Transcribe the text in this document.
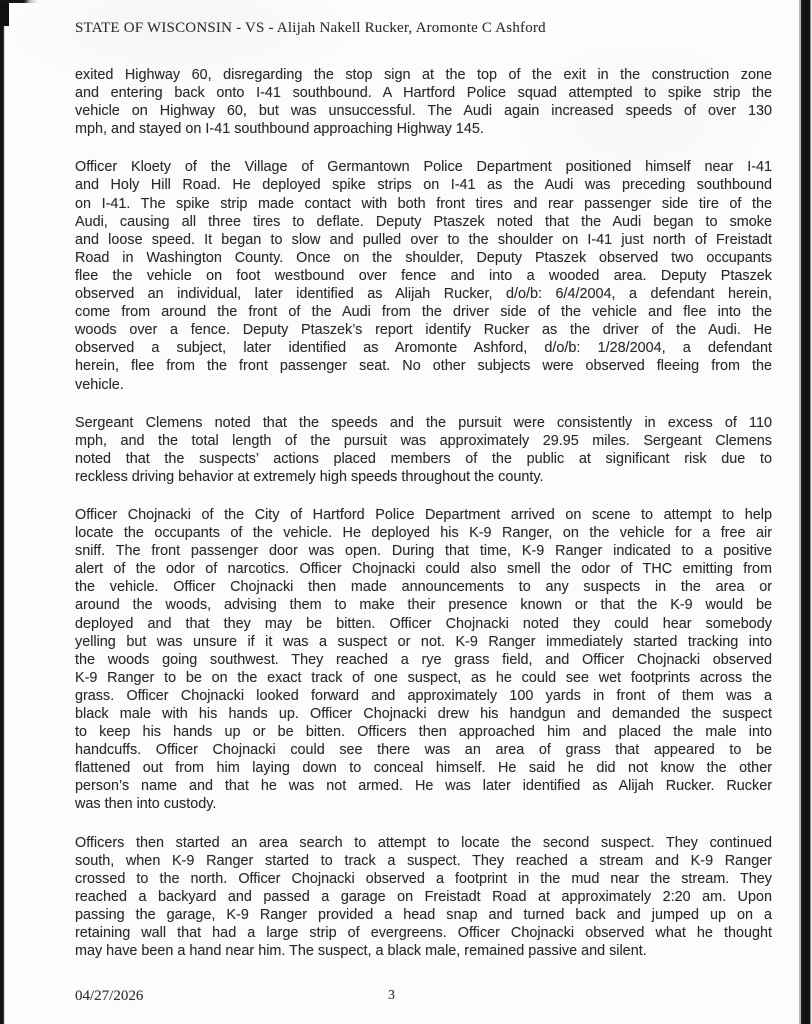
STATE OF WISCONSIN - VS - Alijah Nakell Rucker, Aromonte C Ashford
exited Highway 60, disregarding the stop sign at the top of the exit in the construction zone
and entering back onto I-41 southbound. A Hartford Police squad attempted to spike strip the
vehicle on Highway 60, but was unsuccessful. The Audi again increased speeds of over 130
mph, and stayed on I-41 southbound approaching Highway 145.
Officer Kloety of the Village of Germantown Police Department positioned himself near I-41
and Holy Hill Road. He deployed spike strips on I-41 as the Audi was preceding southbound
on I-41. The spike strip made contact with both front tires and rear passenger side tire of the
Audi, causing all three tires to deflate. Deputy Ptaszek noted that the Audi began to smoke
and loose speed. It began to slow and pulled over to the shoulder on I-41 just north of Freistadt
Road in Washington County. Once on the shoulder, Deputy Ptaszek observed two occupants
flee the vehicle on foot westbound over fence and into a wooded area. Deputy Ptaszek
observed an individual, later identified as Alijah Rucker, d/o/b: 6/4/2004, a defendant herein,
come from around the front of the Audi from the driver side of the vehicle and flee into the
woods over a fence. Deputy Ptaszek’s report identify Rucker as the driver of the Audi. He
observed a subject, later identified as Aromonte Ashford, d/o/b: 1/28/2004, a defendant
herein, flee from the front passenger seat. No other subjects were observed fleeing from the
vehicle.
Sergeant Clemens noted that the speeds and the pursuit were consistently in excess of 110
mph, and the total length of the pursuit was approximately 29.95 miles. Sergeant Clemens
noted that the suspects’ actions placed members of the public at significant risk due to
reckless driving behavior at extremely high speeds throughout the county.
Officer Chojnacki of the City of Hartford Police Department arrived on scene to attempt to help
locate the occupants of the vehicle. He deployed his K-9 Ranger, on the vehicle for a free air
sniff. The front passenger door was open. During that time, K-9 Ranger indicated to a positive
alert of the odor of narcotics. Officer Chojnacki could also smell the odor of THC emitting from
the vehicle. Officer Chojnacki then made announcements to any suspects in the area or
around the woods, advising them to make their presence known or that the K-9 would be
deployed and that they may be bitten. Officer Chojnacki noted they could hear somebody
yelling but was unsure if it was a suspect or not. K-9 Ranger immediately started tracking into
the woods going southwest. They reached a rye grass field, and Officer Chojnacki observed
K-9 Ranger to be on the exact track of one suspect, as he could see wet footprints across the
grass. Officer Chojnacki looked forward and approximately 100 yards in front of them was a
black male with his hands up. Officer Chojnacki drew his handgun and demanded the suspect
to keep his hands up or be bitten. Officers then approached him and placed the male into
handcuffs. Officer Chojnacki could see there was an area of grass that appeared to be
flattened out from him laying down to conceal himself. He said he did not know the other
person’s name and that he was not armed. He was later identified as Alijah Rucker. Rucker
was then into custody.
Officers then started an area search to attempt to locate the second suspect. They continued
south, when K-9 Ranger started to track a suspect. They reached a stream and K-9 Ranger
crossed to the north. Officer Chojnacki observed a footprint in the mud near the stream. They
reached a backyard and passed a garage on Freistadt Road at approximately 2:20 am. Upon
passing the garage, K-9 Ranger provided a head snap and turned back and jumped up on a
retaining wall that had a large strip of evergreens. Officer Chojnacki observed what he thought
may have been a hand near him. The suspect, a black male, remained passive and silent.
04/27/2026	3
